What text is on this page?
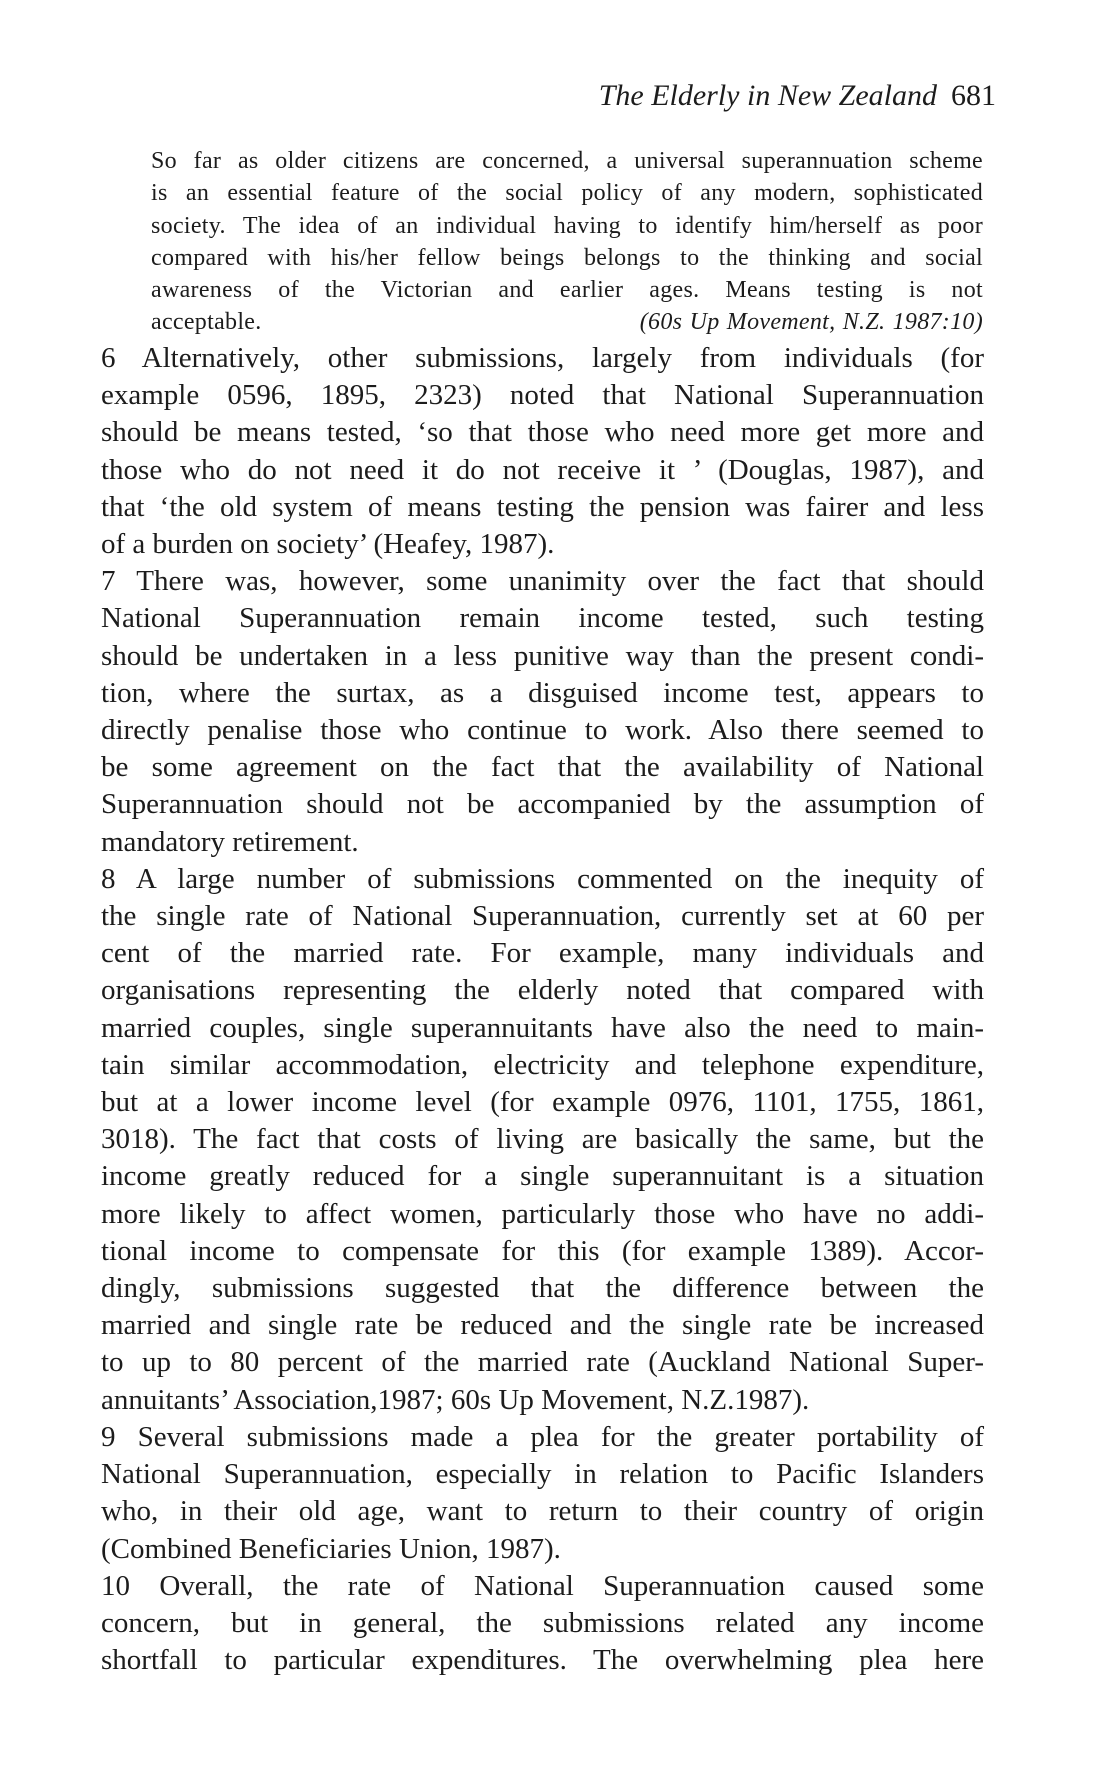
The Elderly in New Zealand 681
So far as older citizens are concerned, a universal superannuation scheme
is an essential feature of the social policy of any modern, sophisticated
society. The idea of an individual having to identify him/herself as poor
compared with his/her fellow beings belongs to the thinking and social
awareness of the Victorian and earlier ages. Means testing is not
acceptable.	(60s Up Movement, N.Z. 1987:10)
6 Alternatively, other submissions, largely from individuals (for
example 0596, 1895, 2323) noted that National Superannuation
should be means tested, ‘so that those who need more get more and
those who do not need it do not receive it ’ (Douglas, 1987), and
that ‘the old system of means testing the pension was fairer and less
of a burden on society’ (Heafey, 1987).
7 There was, however, some unanimity over the fact that should
National Superannuation remain income tested, such testing
should be undertaken in a less punitive way than the present condi-
tion, where the surtax, as a disguised income test, appears to
directly penalise those who continue to work. Also there seemed to
be some agreement on the fact that the availability of National
Superannuation should not be accompanied by the assumption of
mandatory retirement.
8 A large number of submissions commented on the inequity of
the single rate of National Superannuation, currently set at 60 per
cent of the married rate. For example, many individuals and
organisations representing the elderly noted that compared with
married couples, single superannuitants have also the need to main-
tain similar accommodation, electricity and telephone expenditure,
but at a lower income level (for example 0976, 1101, 1755, 1861,
3018). The fact that costs of living are basically the same, but the
income greatly reduced for a single superannuitant is a situation
more likely to affect women, particularly those who have no addi-
tional income to compensate for this (for example 1389). Accor-
dingly, submissions suggested that the difference between the
married and single rate be reduced and the single rate be increased
to up to 80 percent of the married rate (Auckland National Super-
annuitants’ Association,1987; 60s Up Movement, N.Z.1987).
9 Several submissions made a plea for the greater portability of
National Superannuation, especially in relation to Pacific Islanders
who, in their old age, want to return to their country of origin
(Combined Beneficiaries Union, 1987).
10 Overall, the rate of National Superannuation caused some
concern, but in general, the submissions related any income
shortfall to particular expenditures. The overwhelming plea here
